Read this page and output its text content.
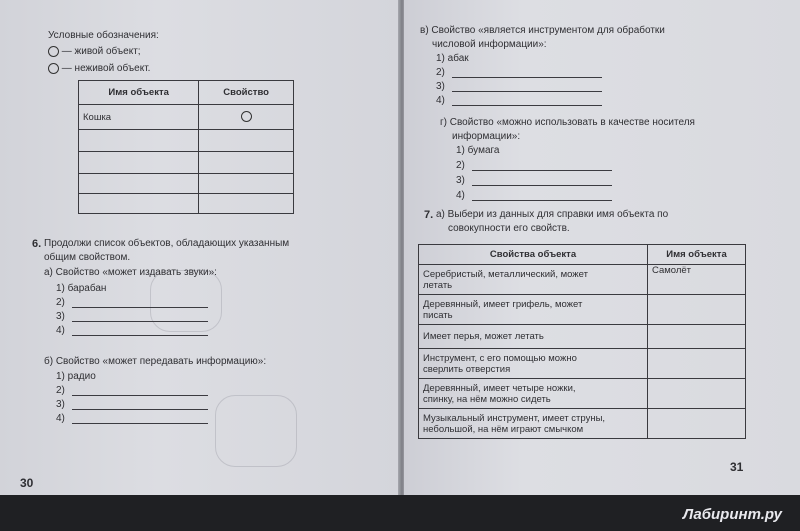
Условные обозначения:
— живой объект;
— неживой объект.
Имя объекта	Свойство
Кошка	

6. Продолжи список объектов, обладающих указанным
общим свойством.
а) Свойство «может издавать звуки»:
1) барабан
2)
3)
4)
б) Свойство «может передавать информацию»:
1) радио
2)
3)
4)
30
в) Свойство «является инструментом для обработки
числовой информации»:
1) абак
2)
3)
4)
г) Свойство «можно использовать в качестве носителя
информации»:
1) бумага
2)
3)
4)
7. а) Выбери из данных для справки имя объекта по
совокупности его свойств.
Свойства объекта	Имя объекта

Серебристый, металлический, может
летать	Самолёт

Деревянный, имеет грифель, может
писать	

Имеет перья, может летать	

Инструмент, с его помощью можно
сверлить отверстия	

Деревянный, имеет четыре ножки,
спинку, на нём можно сидеть	

Музыкальный инструмент, имеет струны,
небольшой, на нём играют смычком	

31
Лабиринт.ру
